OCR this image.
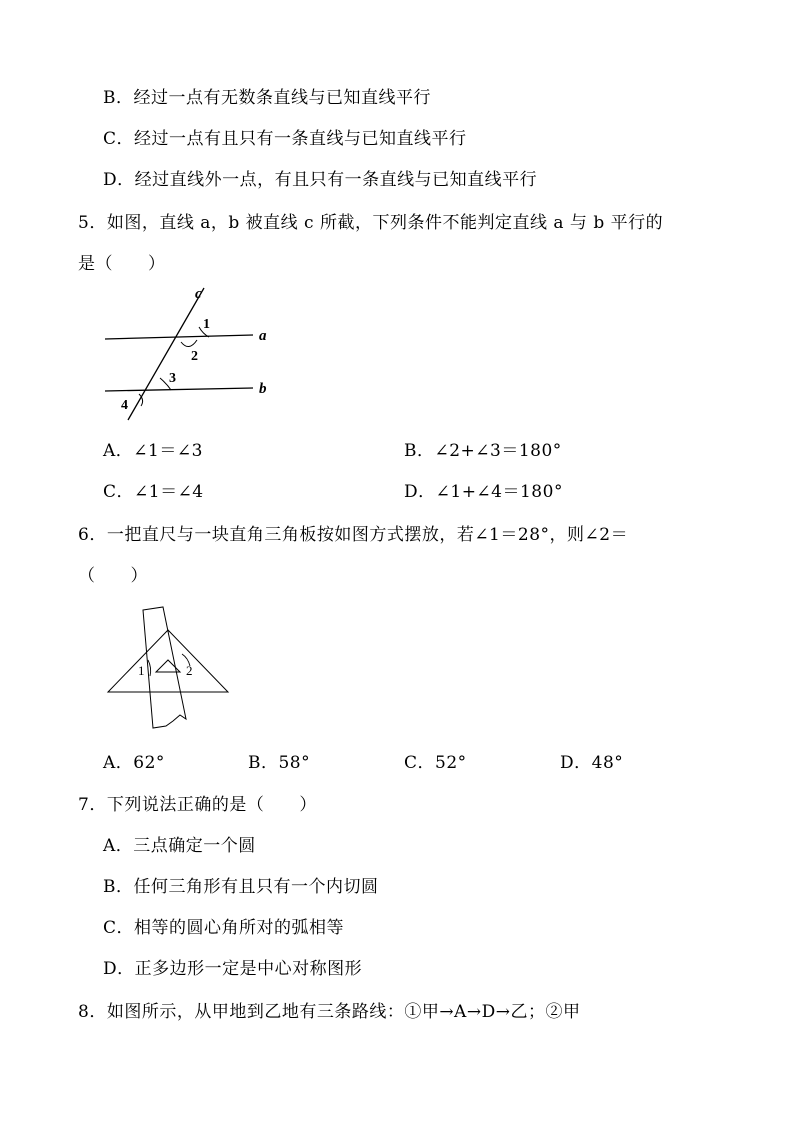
B．经过一点有无数条直线与已知直线平行
C．经过一点有且只有一条直线与已知直线平行
D．经过直线外一点，有且只有一条直线与已知直线平行
5．如图，直线 a，b 被直线 c 所截，下列条件不能判定直线 a 与 b 平行的
是（　　）
c
a
b
1
2
3
4
A．∠1＝∠3	B．∠2+∠3＝180°
C．∠1＝∠4	D．∠1+∠4＝180°
6．一把直尺与一块直角三角板按如图方式摆放，若∠1＝28°，则∠2＝
（　　）
1	2
A．62°	B．58°	C．52°	D．48°
7．下列说法正确的是（　　）
A．三点确定一个圆
B．任何三角形有且只有一个内切圆
C．相等的圆心角所对的弧相等
D．正多边形一定是中心对称图形
8．如图所示，从甲地到乙地有三条路线：①甲→A→D→乙；②甲
